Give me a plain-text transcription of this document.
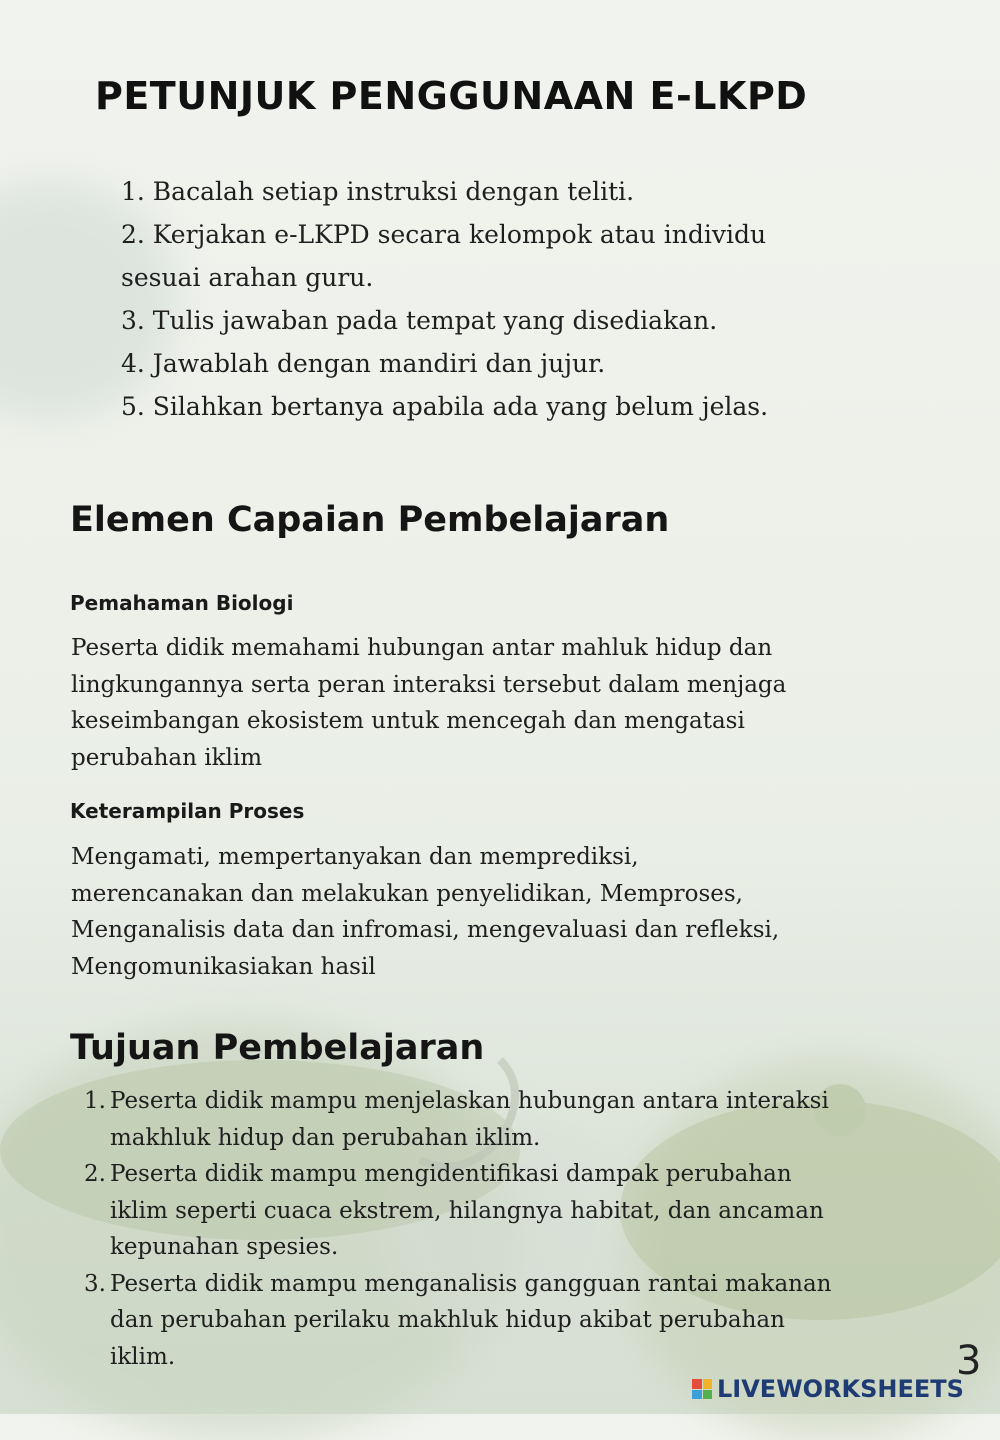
PETUNJUK PENGGUNAAN E-LKPD
1. Bacalah setiap instruksi dengan teliti.
2. Kerjakan e-LKPD secara kelompok atau individu
sesuai arahan guru.
3. Tulis jawaban pada tempat yang disediakan.
4. Jawablah dengan mandiri dan jujur.
5. Silahkan bertanya apabila ada yang belum jelas.
Elemen Capaian Pembelajaran
Pemahaman Biologi
Peserta didik memahami hubungan antar mahluk hidup dan
lingkungannya serta peran interaksi tersebut dalam menjaga
keseimbangan ekosistem untuk mencegah dan mengatasi
perubahan iklim
Keterampilan Proses
Mengamati, mempertanyakan dan memprediksi,
merencanakan dan melakukan penyelidikan, Memproses,
Menganalisis data dan infromasi, mengevaluasi dan refleksi,
Mengomunikasiakan hasil
Tujuan Pembelajaran
1. Peserta didik mampu menjelaskan hubungan antara interaksi
makhluk hidup dan perubahan iklim.
2. Peserta didik mampu mengidentifikasi dampak perubahan
iklim seperti cuaca ekstrem, hilangnya habitat, dan ancaman
kepunahan spesies.
3. Peserta didik mampu menganalisis gangguan rantai makanan
dan perubahan perilaku makhluk hidup akibat perubahan
iklim.	3
LIVEWORKSHEETS
